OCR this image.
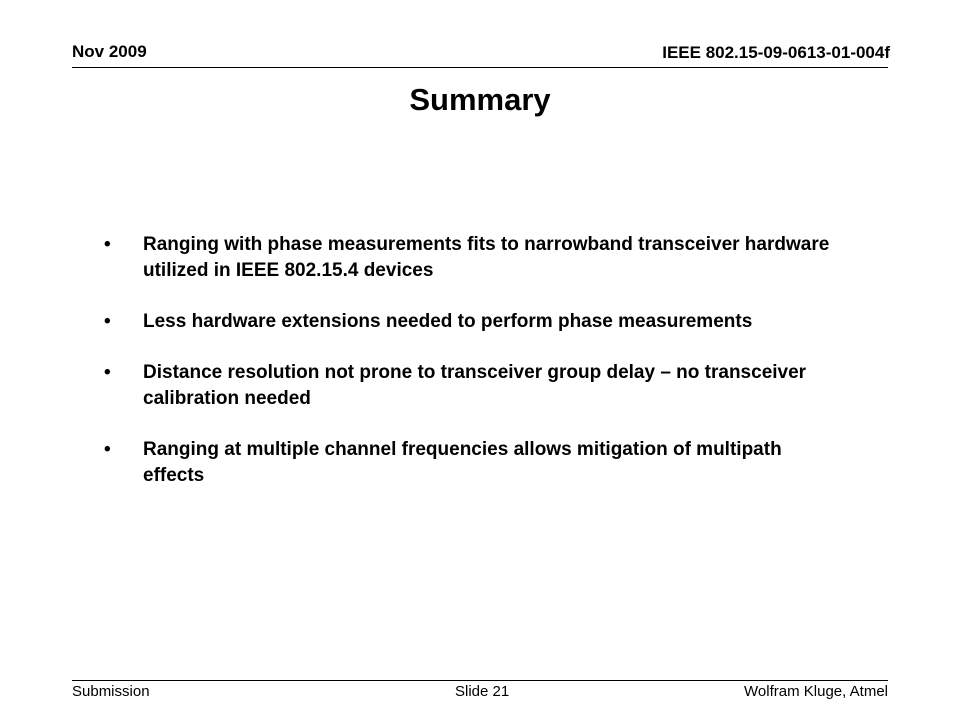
Nov 2009	IEEE 802.15-09-0613-01-004f
Summary
• Ranging with phase measurements fits to narrowband transceiver hardware utilized in IEEE 802.15.4 devices
• Less hardware extensions needed to perform phase measurements
• Distance resolution not prone to transceiver group delay – no transceiver calibration needed
• Ranging at multiple channel frequencies allows mitigation of multipath effects
Submission	Slide 21	Wolfram Kluge, Atmel
